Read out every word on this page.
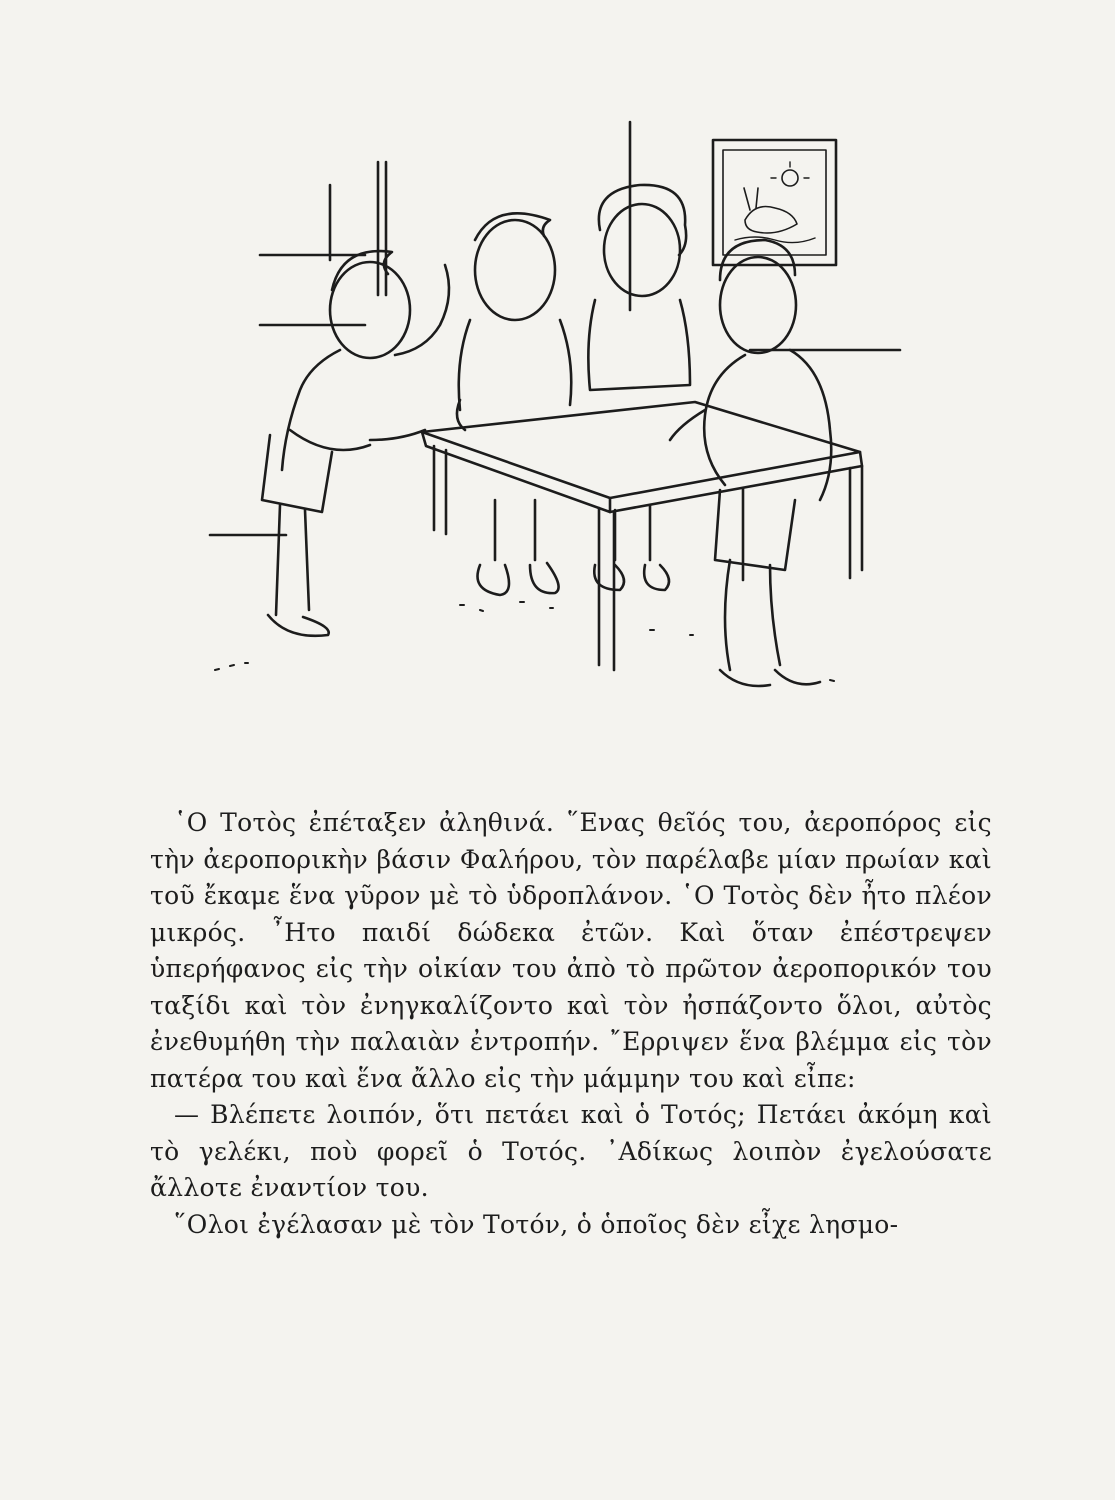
῾Ο Τοτὸς ἐπέταξεν ἀληθινά. ῞Ενας θεῖός του, ἀεροπόρος εἰς τὴν ἀεροπορικὴν βάσιν Φαλήρου, τὸν παρέλαβε μίαν πρωίαν καὶ τοῦ ἔκαμε ἕνα γῦρον μὲ τὸ ὑδροπλάνον. ῾Ο Τοτὸς δὲν ἦτο πλέον μικρός. ῏Ητο παιδί δώδεκα ἐτῶν. Καὶ ὅταν ἐπέστρεψεν ὑπερήφανος εἰς τὴν οἰκίαν του ἀπὸ τὸ πρῶτον ἀεροπορικόν του ταξίδι καὶ τὸν ἐνηγκαλίζοντο καὶ τὸν ἠσπάζοντο ὅλοι, αὐτὸς ἐνεθυμήθη τὴν παλαιὰν ἐντροπήν. ῎Ερριψεν ἕνα βλέμμα εἰς τὸν πατέρα του καὶ ἕνα ἄλλο εἰς τὴν μάμμην του καὶ εἶπε:

— Βλέπετε λοιπόν, ὅτι πετάει καὶ ὁ Τοτός; Πετάει ἀκόμη καὶ τὸ γελέκι, ποὺ φορεῖ ὁ Τοτός. ᾿Αδίκως λοιπὸν ἐγελούσατε ἄλλοτε ἐναντίον του.

῞Ολοι ἐγέλασαν μὲ τὸν Τοτόν, ὁ ὁποῖος δὲν εἶχε λησμο-
